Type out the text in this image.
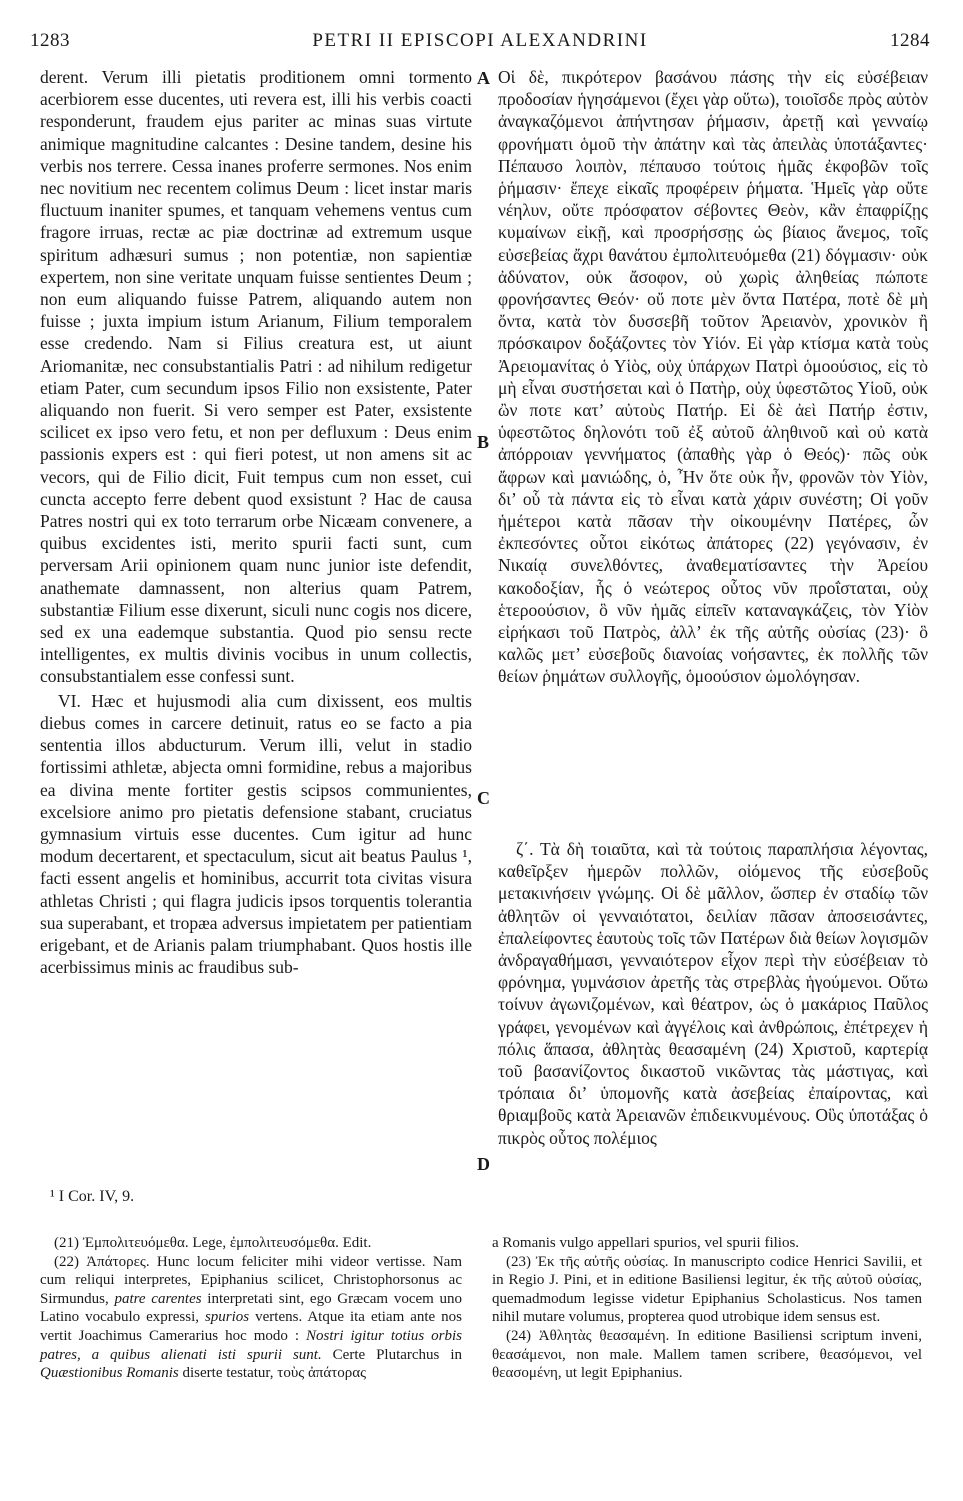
1283	PETRI II EPISCOPI ALEXANDRINI	1284

derent. Verum illi pietatis proditionem omni tormento acerbiorem esse ducentes, uti revera est, illi his verbis coacti responderunt, fraudem ejus pariter ac minas suas virtute animique magnitudine calcantes : Desine tandem, desine his verbis nos terrere. Cessa inanes proferre sermones. Nos enim nec novitium nec recentem colimus Deum : licet instar maris fluctuum inaniter spumes, et tanquam vehemens ventus cum fragore irruas, rectæ ac piæ doctrinæ ad extremum usque spiritum adhæsuri sumus ; non potentiæ, non sapientiæ expertem, non sine veritate unquam fuisse sentientes Deum ; non eum aliquando fuisse Patrem, aliquando autem non fuisse ; juxta impium istum Arianum, Filium temporalem esse credendo. Nam si Filius creatura est, ut aiunt Ariomanitæ, nec consubstantialis Patri : ad nihilum redigetur etiam Pater, cum secundum ipsos Filio non exsistente, Pater aliquando non fuerit. Si vero semper est Pater, exsistente scilicet ex ipso vero fetu, et non per defluxum : Deus enim passionis expers est : qui fieri potest, ut non amens sit ac vecors, qui de Filio dicit, Fuit tempus cum non esset, cui cuncta accepto ferre debent quod exsistunt ? Hac de causa Patres nostri qui ex toto terrarum orbe Nicæam convenere, a quibus excidentes isti, merito spurii facti sunt, cum perversam Arii opinionem quam nunc junior iste defendit, anathemate damnassent, non alterius quam Patrem, substantiæ Filium esse dixerunt, siculi nunc cogis nos dicere, sed ex una eademque substantia. Quod pio sensu recte intelligentes, ex multis divinis vocibus in unum collectis, consubstantialem esse confessi sunt.

VI. Hæc et hujusmodi alia cum dixissent, eos multis diebus comes in carcere detinuit, ratus eo se facto a pia sententia illos abducturum. Verum illi, velut in stadio fortissimi athletæ, abjecta omni formidine, rebus a majoribus ea divina mente fortiter gestis scipsos communientes, excelsiore animo pro pietatis defensione stabant, cruciatus gymnasium virtuis esse ducentes. Cum igitur ad hunc modum decertarent, et spectaculum, sicut ait beatus Paulus ¹, facti essent angelis et hominibus, accurrit tota civitas visura athletas Christi ; qui flagra judicis ipsos torquentis tolerantia sua superabant, et tropæa adversus impietatem per patientiam erigebant, et de Arianis palam triumphabant. Quos hostis ille acerbissimus minis ac fraudibus sub-

Οἱ δὲ, πικρότερον βασάνου πάσης τὴν εἰς εὐσέβειαν προδοσίαν ἡγησάμενοι (ἔχει γὰρ οὕτω), τοιοῖσδε πρὸς αὐτὸν ἀναγκαζόμενοι ἀπήντησαν ῥήμασιν, ἀρετῇ καὶ γενναίῳ φρονήματι ὁμοῦ τὴν ἀπάτην καὶ τὰς ἀπειλὰς ὑποτάξαντες· Πέπαυσο λοιπὸν, πέπαυσο τούτοις ἡμᾶς ἐκφοβῶν τοῖς ῥήμασιν· ἔπεχε εἰκαῖς προφέρειν ῥήματα. Ἡμεῖς γὰρ οὔτε νέηλυν, οὔτε πρόσφατον σέβοντες Θεὸν, κἂν ἐπαφρίζῃς κυμαίνων εἰκῇ, καὶ προσρήσσῃς ὡς βίαιος ἄνεμος, τοῖς εὐσεβείας ἄχρι θανάτου ἐμπολιτευόμεθα (21) δόγμασιν· οὐκ ἀδύνατον, οὐκ ἄσοφον, οὐ χωρὶς ἀληθείας πώποτε φρονήσαντες Θεόν· οὔ ποτε μὲν ὄντα Πατέρα, ποτὲ δὲ μὴ ὄντα, κατὰ τὸν δυσσεβῆ τοῦτον Ἀρειανὸν, χρονικὸν ἢ πρόσκαιρον δοξάζοντες τὸν Υἱόν. Εἰ γὰρ κτίσμα κατὰ τοὺς Ἀρειομανίτας ὁ Υἱὸς, οὐχ ὑπάρχων Πατρὶ ὁμοούσιος, εἰς τὸ μὴ εἶναι συστήσεται καὶ ὁ Πατὴρ, οὐχ ὑφεστῶτος Υἱοῦ, οὐκ ὢν ποτε κατ’ αὐτοὺς Πατήρ. Εἰ δὲ ἀεὶ Πατήρ ἐστιν, ὑφεστῶτος δηλονότι τοῦ ἐξ αὐτοῦ ἀληθινοῦ καὶ οὐ κατὰ ἀπόρροιαν γεννήματος (ἀπαθὴς γὰρ ὁ Θεός)· πῶς οὐκ ἄφρων καὶ μανιώδης, ὁ, Ἦν ὅτε οὐκ ἦν, φρονῶν τὸν Υἱὸν, δι’ οὗ τὰ πάντα εἰς τὸ εἶναι κατὰ χάριν συνέστη; Οἱ γοῦν ἡμέτεροι κατὰ πᾶσαν τὴν οἰκουμένην Πατέρες, ὧν ἐκπεσόντες οὗτοι εἰκότως ἀπάτορες (22) γεγόνασιν, ἐν Νικαίᾳ συνελθόντες, ἀναθεματίσαντες τὴν Ἀρείου κακοδοξίαν, ἧς ὁ νεώτερος οὗτος νῦν προΐσταται, οὐχ ἑτεροούσιον, ὃ νῦν ἡμᾶς εἰπεῖν καταναγκάζεις, τὸν Υἱὸν εἰρήκασι τοῦ Πατρὸς, ἀλλ’ ἐκ τῆς αὐτῆς οὐσίας (23)· ὃ καλῶς μετ’ εὐσεβοῦς διανοίας νοήσαντες, ἐκ πολλῆς τῶν θείων ῥημάτων συλλογῆς, ὁμοούσιον ὡμολόγησαν.

ζ΄. Τὰ δὴ τοιαῦτα, καὶ τὰ τούτοις παραπλήσια λέγοντας, καθεῖρξεν ἡμερῶν πολλῶν, οἰόμενος τῆς εὐσεβοῦς μετακινήσειν γνώμης. Οἱ δὲ μᾶλλον, ὥσπερ ἐν σταδίῳ τῶν ἀθλητῶν οἱ γενναιότατοι, δειλίαν πᾶσαν ἀποσεισάντες, ἐπαλείφοντες ἑαυτοὺς τοῖς τῶν Πατέρων διὰ θείων λογισμῶν ἀνδραγαθήμασι, γενναιότερον εἶχον περὶ τὴν εὐσέβειαν τὸ φρόνημα, γυμνάσιον ἀρετῆς τὰς στρεβλὰς ἡγούμενοι. Οὕτω τοίνυν ἀγωνιζομένων, καὶ θέατρον, ὡς ὁ μακάριος Παῦλος γράφει, γενομένων καὶ ἀγγέλοις καὶ ἀνθρώποις, ἐπέτρεχεν ἡ πόλις ἅπασα, ἀθλητὰς θεασαμένη (24) Χριστοῦ, καρτερίᾳ τοῦ βασανίζοντος δικαστοῦ νικῶντας τὰς μάστιγας, καὶ τρόπαια δι’ ὑπομονῆς κατὰ ἀσεβείας ἐπαίροντας, καὶ θριαμβοῦς κατὰ Ἀρειανῶν ἐπιδεικνυμένους. Οὓς ὑποτάξας ὁ πικρὸς οὗτος πολέμιος

A
B
C
D
¹ I Cor. IV, 9.

(21) Ἐμπολιτευόμεθα. Lege, ἐμπολιτευσόμεθα. Edit.

(22) Ἀπάτορες. Hunc locum feliciter mihi videor vertisse. Nam cum reliqui interpretes, Epiphanius scilicet, Christophorsonus ac Sirmundus, patre carentes interpretati sint, ego Græcam vocem uno Latino vocabulo expressi, spurios vertens. Atque ita etiam ante nos vertit Joachimus Camerarius hoc modo : Nostri igitur totius orbis patres, a quibus alienati isti spurii sunt. Certe Plutarchus in Quæstionibus Romanis diserte testatur, τοὺς ἀπάτορας

a Romanis vulgo appellari spurios, vel spurii filios.

(23) Ἐκ τῆς αὐτῆς οὐσίας. In manuscripto codice Henrici Savilii, et in Regio J. Pini, et in editione Basiliensi legitur, ἐκ τῆς αὐτοῦ οὐσίας, quemadmodum legisse videtur Epiphanius Scholasticus. Nos tamen nihil mutare volumus, propterea quod utrobique idem sensus est.

(24) Ἀθλητὰς θεασαμένη. In editione Basiliensi scriptum inveni, θεασάμενοι, non male. Mallem tamen scribere, θεασόμενοι, vel θεασομένη, ut legit Epiphanius.
